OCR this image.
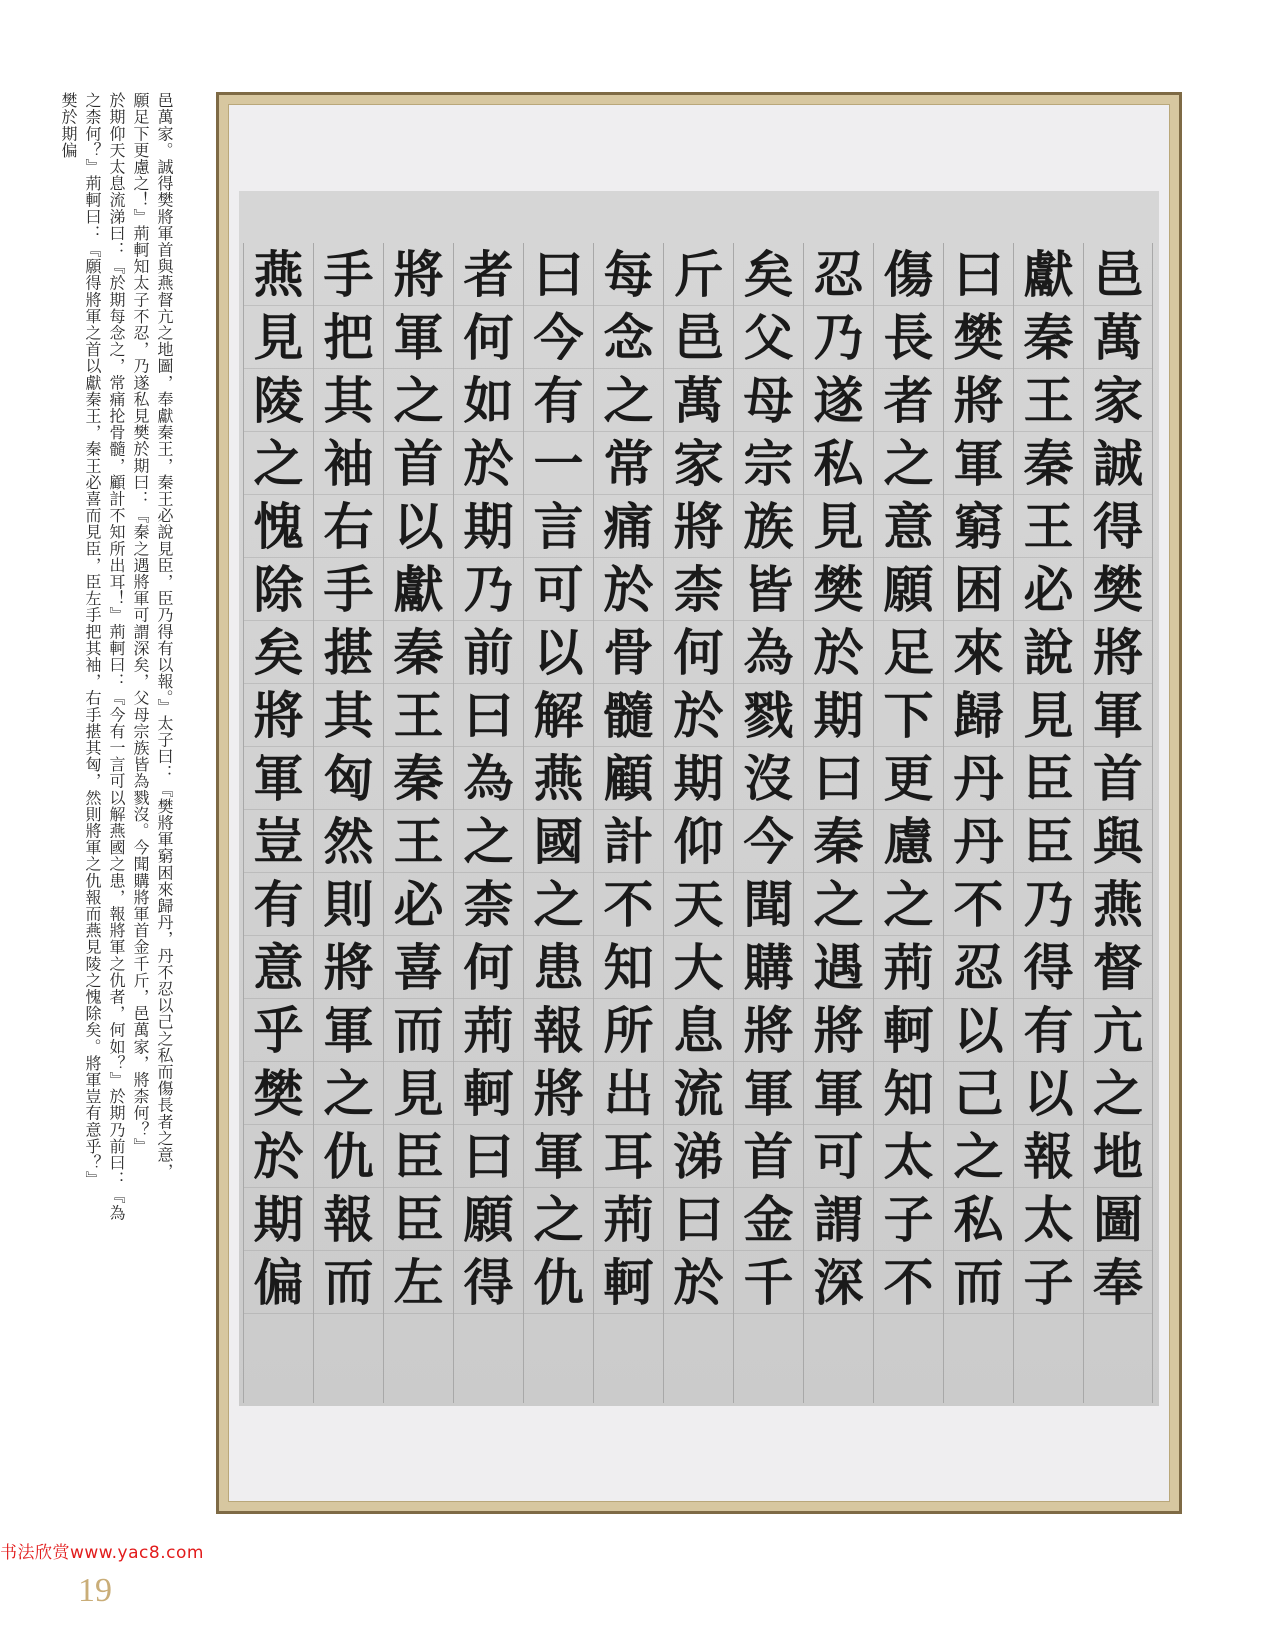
邑萬家。誠得樊將軍首與燕督亢之地圖，奉獻秦王，秦王必說見臣，臣乃得有以報。』太子曰：『樊將軍窮困來歸丹，丹不忍以己之私而傷長者之意，
願足下更慮之！』荊軻知太子不忍，乃遂私見樊於期曰：『秦之遇將軍可謂深矣，父母宗族皆為戮沒。今聞購將軍首金千斤，邑萬家，將柰何？』
於期仰天太息流涕曰：『於期每念之，常痛抡骨髓，顧計不知所出耳！』荊軻曰：『今有一言可以解燕國之患，報將軍之仇者，何如？』於期乃前曰：『為
之柰何？』荊軻曰：『願得將軍之首以獻秦王，秦王必喜而見臣，臣左手把其袖，右手揕其匈，然則將軍之仇報而燕見陵之愧除矣。將軍豈有意乎？』
樊於期偏
邑
萬
家
誠
得
樊
將
軍
首
與
燕
督
亢
之
地
圖
奉
獻
秦
王
秦
王
必
說
見
臣
臣
乃
得
有
以
報
太
子
曰
樊
將
軍
窮
困
來
歸
丹
丹
不
忍
以
己
之
私
而
傷
長
者
之
意
願
足
下
更
慮
之
荊
軻
知
太
子
不
忍
乃
遂
私
見
樊
於
期
曰
秦
之
遇
將
軍
可
謂
深
矣
父
母
宗
族
皆
為
戮
沒
今
聞
購
將
軍
首
金
千
斤
邑
萬
家
將
柰
何
於
期
仰
天
大
息
流
涕
曰
於
每
念
之
常
痛
於
骨
髓
顧
計
不
知
所
出
耳
荊
軻
曰
今
有
一
言
可
以
解
燕
國
之
患
報
將
軍
之
仇
者
何
如
於
期
乃
前
曰
為
之
柰
何
荊
軻
曰
願
得
將
軍
之
首
以
獻
秦
王
秦
王
必
喜
而
見
臣
臣
左
手
把
其
袖
右
手
揕
其
匈
然
則
將
軍
之
仇
報
而
燕
見
陵
之
愧
除
矣
將
軍
豈
有
意
乎
樊
於
期
偏
书法欣赏www.yac8.com
19
